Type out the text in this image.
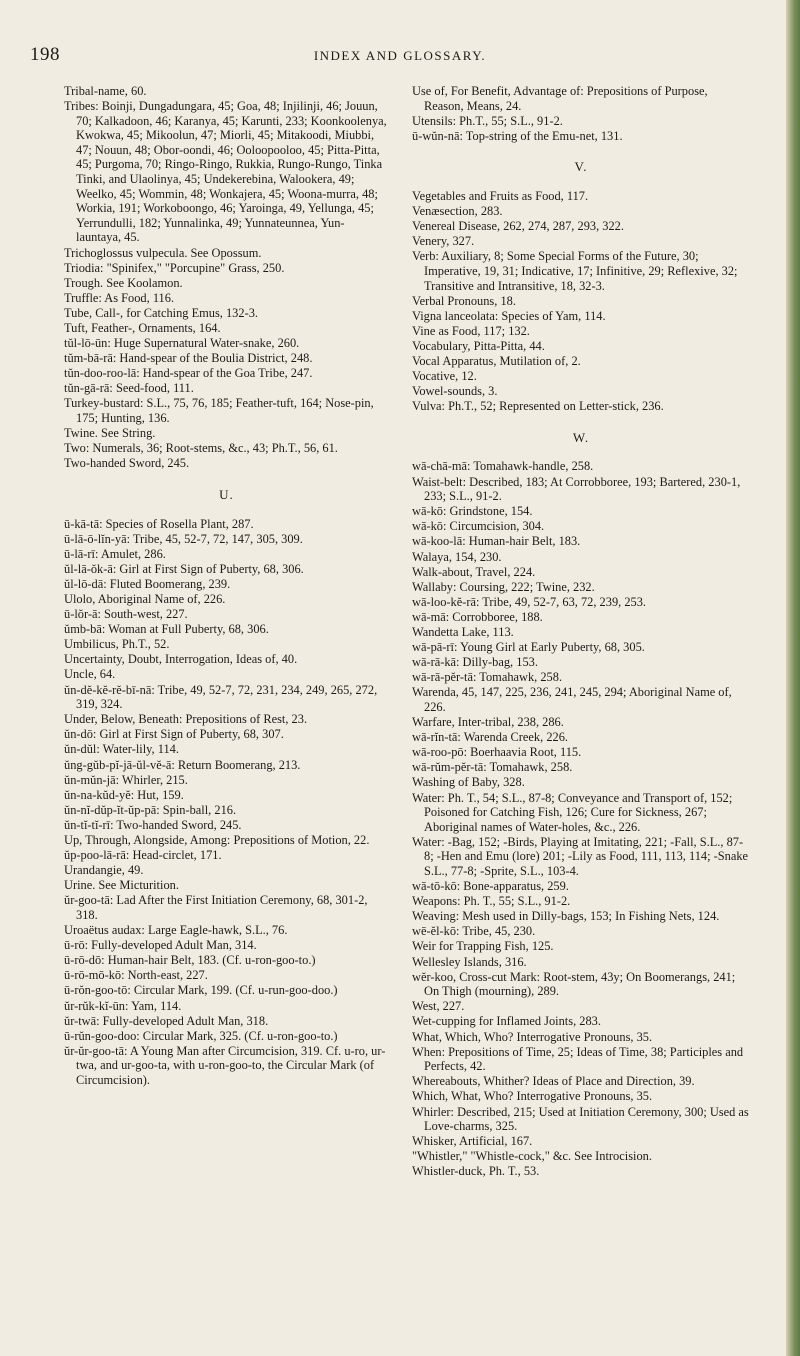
198	INDEX AND GLOSSARY.
Tribal-name, 60.
Tribes: Boinji, Dungadungara, 45; Goa, 48; Injilinji, 46; Jouun, 70; Kalkadoon, 46; Karanya, 45; Karunti, 233; Koonkoolenya, Kwokwa, 45; Mikoolun, 47; Miorli, 45; Mitakoodi, Miubbi, 47; Nouun, 48; Obor-oondi, 46; Ooloopooloo, 45; Pitta-Pitta, 45; Purgoma, 70; Ringo-Ringo, Rukkia, Rungo-Rungo, Tinka Tinki, and Ulaolinya, 45; Undekerebina, Walookera, 49; Weelko, 45; Wommin, 48; Wonkajera, 45; Woona-murra, 48; Workia, 191; Workoboongo, 46; Yaroinga, 49, Yellunga, 45; Yerrundulli, 182; Yunnalinka, 49; Yunnateunnea, Yun-launtaya, 45.
Trichoglossus vulpecula. See Opossum.
Triodia: "Spinifex," "Porcupine" Grass, 250.
Trough. See Koolamon.
Truffle: As Food, 116.
Tube, Call-, for Catching Emus, 132-3.
Tuft, Feather-, Ornaments, 164.
tŭl-lō-ūn: Huge Supernatural Water-snake, 260.
tŭm-bā-rā: Hand-spear of the Boulia District, 248.
tŭn-doo-roo-lā: Hand-spear of the Goa Tribe, 247.
tŭn-gā-rā: Seed-food, 111.
Turkey-bustard: S.L., 75, 76, 185; Feather-tuft, 164; Nose-pin, 175; Hunting, 136.
Twine. See String.
Two: Numerals, 36; Root-stems, &c., 43; Ph.T., 56, 61.
Two-handed Sword, 245.
U.
ū-kā-tā: Species of Rosella Plant, 287.
ū-lā-ō-lĭn-yā: Tribe, 45, 52-7, 72, 147, 305, 309.
ū-lā-rī: Amulet, 286.
ŭl-lā-ŏk-ā: Girl at First Sign of Puberty, 68, 306.
ŭl-lō-dā: Fluted Boomerang, 239.
Ulolo, Aboriginal Name of, 226.
ū-lŏr-ā: South-west, 227.
ŭmb-bā: Woman at Full Puberty, 68, 306.
Umbilicus, Ph.T., 52.
Uncertainty, Doubt, Interrogation, Ideas of, 40.
Uncle, 64.
ŭn-dĕ-kĕ-rĕ-bī-nā: Tribe, 49, 52-7, 72, 231, 234, 249, 265, 272, 319, 324.
Under, Below, Beneath: Prepositions of Rest, 23.
ŭn-dō: Girl at First Sign of Puberty, 68, 307.
ŭn-dŭl: Water-lily, 114.
ŭng-gŭb-pĭ-jā-ŭl-vĕ-ā: Return Boomerang, 213.
ŭn-mŭn-jā: Whirler, 215.
ŭn-na-kŭd-yĕ: Hut, 159.
ŭn-nĭ-dŭp-ĭt-ŭp-pā: Spin-ball, 216.
ŭn-tĭ-tĭ-rī: Two-handed Sword, 245.
Up, Through, Alongside, Among: Prepositions of Motion, 22.
ŭp-poo-lā-rā: Head-circlet, 171.
Urandangie, 49.
Urine. See Micturition.
ŭr-goo-tā: Lad After the First Initiation Ceremony, 68, 301-2, 318.
Uroaëtus audax: Large Eagle-hawk, S.L., 76.
ū-rō: Fully-developed Adult Man, 314.
ū-rō-dō: Human-hair Belt, 183. (Cf. u-ron-goo-to.)
ū-rō-mō-kō: North-east, 227.
ū-rŏn-goo-tō: Circular Mark, 199. (Cf. u-run-goo-doo.)
ŭr-rŭk-kĭ-ūn: Yam, 114.
ŭr-twā: Fully-developed Adult Man, 318.
ū-rŭn-goo-doo: Circular Mark, 325. (Cf. u-ron-goo-to.)
ŭr-ŭr-goo-tā: A Young Man after Circumcision, 319. Cf. u-ro, ur-twa, and ur-goo-ta, with u-ron-goo-to, the Circular Mark (of Circumcision).
Use of, For Benefit, Advantage of: Prepositions of Purpose, Reason, Means, 24.
Utensils: Ph.T., 55; S.L., 91-2.
ū-wŭn-nā: Top-string of the Emu-net, 131.
V.
Vegetables and Fruits as Food, 117.
Venæsection, 283.
Venereal Disease, 262, 274, 287, 293, 322.
Venery, 327.
Verb: Auxiliary, 8; Some Special Forms of the Future, 30; Imperative, 19, 31; Indicative, 17; Infinitive, 29; Reflexive, 32; Transitive and Intransitive, 18, 32-3.
Verbal Pronouns, 18.
Vigna lanceolata: Species of Yam, 114.
Vine as Food, 117; 132.
Vocabulary, Pitta-Pitta, 44.
Vocal Apparatus, Mutilation of, 2.
Vocative, 12.
Vowel-sounds, 3.
Vulva: Ph.T., 52; Represented on Letter-stick, 236.
W.
wā-chā-mā: Tomahawk-handle, 258.
Waist-belt: Described, 183; At Corrobboree, 193; Bartered, 230-1, 233; S.L., 91-2.
wā-kō: Grindstone, 154.
wā-kō: Circumcision, 304.
wā-koo-lā: Human-hair Belt, 183.
Walaya, 154, 230.
Walk-about, Travel, 224.
Wallaby: Coursing, 222; Twine, 232.
wā-loo-kĕ-rā: Tribe, 49, 52-7, 63, 72, 239, 253.
wā-mā: Corrobboree, 188.
Wandetta Lake, 113.
wā-pā-rī: Young Girl at Early Puberty, 68, 305.
wā-rā-kā: Dilly-bag, 153.
wā-rā-pĕr-tā: Tomahawk, 258.
Warenda, 45, 147, 225, 236, 241, 245, 294; Aboriginal Name of, 226.
Warfare, Inter-tribal, 238, 286.
wā-rĭn-tā: Warenda Creek, 226.
wā-roo-pō: Boerhaavia Root, 115.
wā-rŭm-pĕr-tā: Tomahawk, 258.
Washing of Baby, 328.
Water: Ph. T., 54; S.L., 87-8; Conveyance and Transport of, 152; Poisoned for Catching Fish, 126; Cure for Sickness, 267; Aboriginal names of Water-holes, &c., 226.
Water: -Bag, 152; -Birds, Playing at Imitating, 221; -Fall, S.L., 87-8; -Hen and Emu (lore) 201; -Lily as Food, 111, 113, 114; -Snake S.L., 77-8; -Sprite, S.L., 103-4.
wā-tō-kō: Bone-apparatus, 259.
Weapons: Ph. T., 55; S.L., 91-2.
Weaving: Mesh used in Dilly-bags, 153; In Fishing Nets, 124.
wē-ĕl-kō: Tribe, 45, 230.
Weir for Trapping Fish, 125.
Wellesley Islands, 316.
wĕr-koo, Cross-cut Mark: Root-stem, 43y; On Boomerangs, 241; On Thigh (mourning), 289.
West, 227.
Wet-cupping for Inflamed Joints, 283.
What, Which, Who? Interrogative Pronouns, 35.
When: Prepositions of Time, 25; Ideas of Time, 38; Participles and Perfects, 42.
Whereabouts, Whither? Ideas of Place and Direction, 39.
Which, What, Who? Interrogative Pronouns, 35.
Whirler: Described, 215; Used at Initiation Ceremony, 300; Used as Love-charms, 325.
Whisker, Artificial, 167.
"Whistler," "Whistle-cock," &c. See Introcision.
Whistler-duck, Ph. T., 53.
